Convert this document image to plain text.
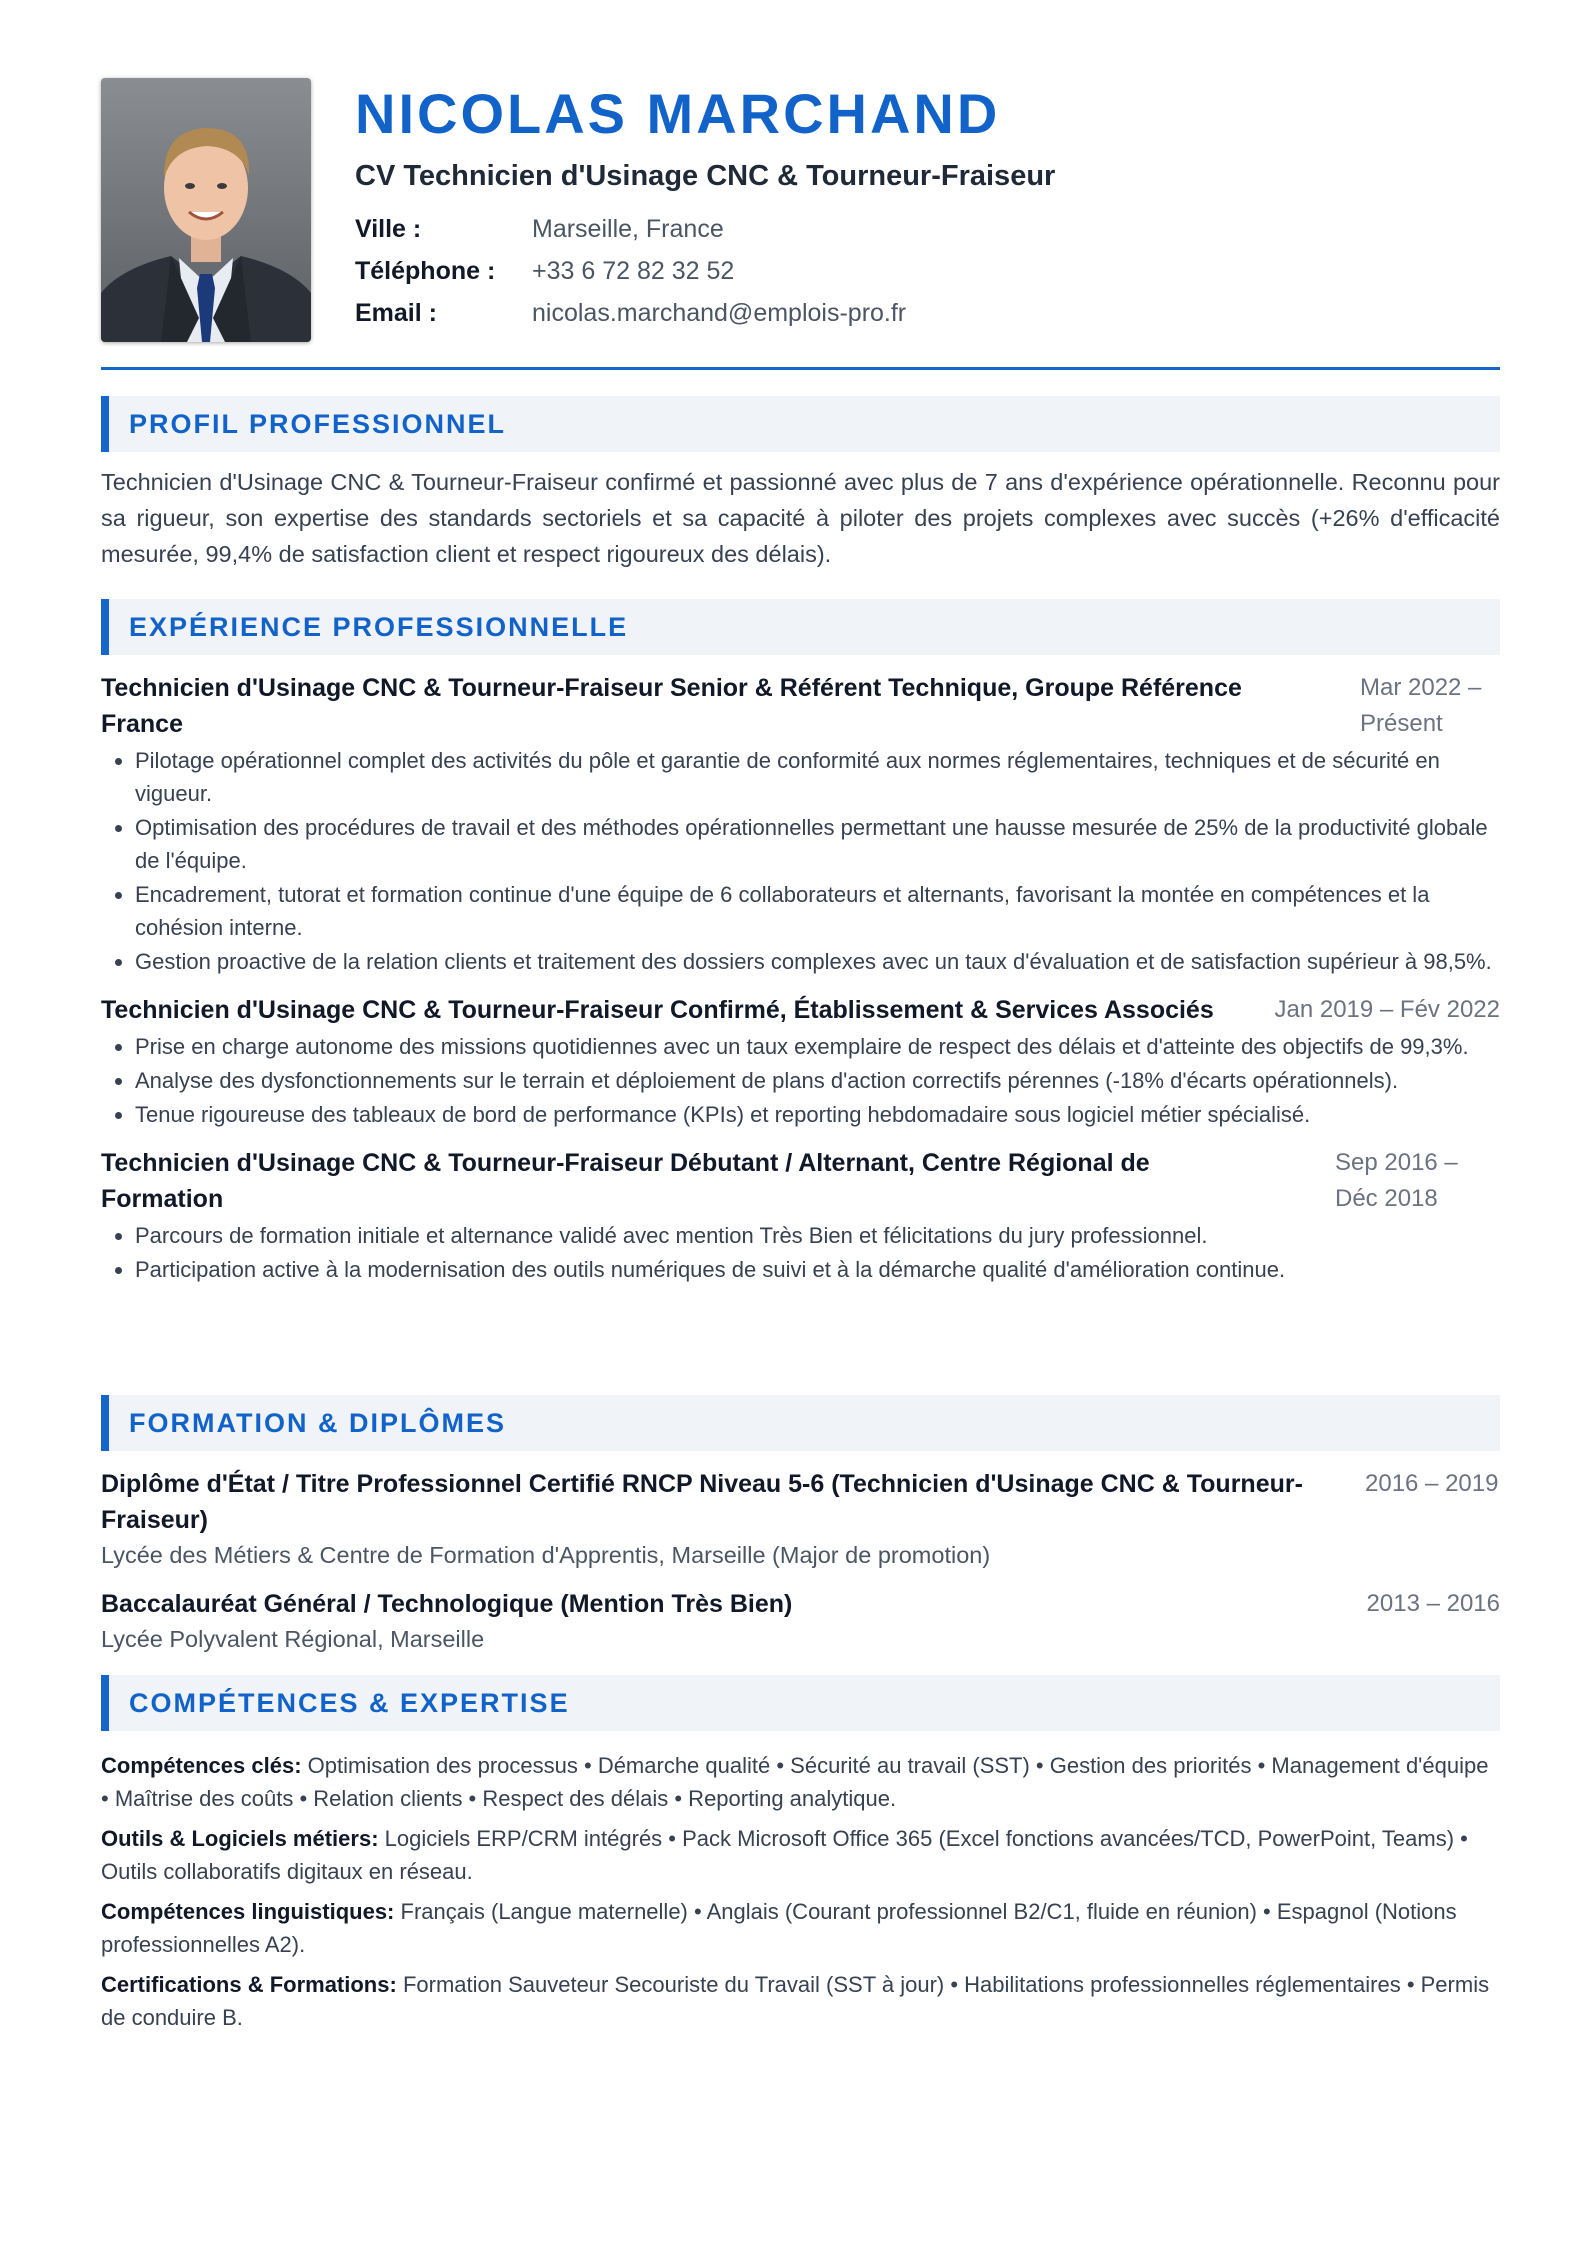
NICOLAS MARCHAND
CV Technicien d'Usinage CNC & Tourneur-Fraiseur
Ville :	Marseille, France
Téléphone :	+33 6 72 82 32 52
Email :	nicolas.marchand@emplois-pro.fr
PROFIL PROFESSIONNEL
Technicien d'Usinage CNC & Tourneur-Fraiseur confirmé et passionné avec plus de 7 ans d'expérience opérationnelle. Reconnu pour sa rigueur, son expertise des standards sectoriels et sa capacité à piloter des projets complexes avec succès (+26% d'efficacité mesurée, 99,4% de satisfaction client et respect rigoureux des délais).
EXPÉRIENCE PROFESSIONNELLE
Technicien d'Usinage CNC & Tourneur-Fraiseur Senior & Référent Technique, Groupe Référence France
Mar 2022 – Présent
• Pilotage opérationnel complet des activités du pôle et garantie de conformité aux normes réglementaires, techniques et de sécurité en vigueur.
• Optimisation des procédures de travail et des méthodes opérationnelles permettant une hausse mesurée de 25% de la productivité globale de l'équipe.
• Encadrement, tutorat et formation continue d'une équipe de 6 collaborateurs et alternants, favorisant la montée en compétences et la cohésion interne.
• Gestion proactive de la relation clients et traitement des dossiers complexes avec un taux d'évaluation et de satisfaction supérieur à 98,5%.
Technicien d'Usinage CNC & Tourneur-Fraiseur Confirmé, Établissement & Services Associés	Jan 2019 – Fév 2022
• Prise en charge autonome des missions quotidiennes avec un taux exemplaire de respect des délais et d'atteinte des objectifs de 99,3%.
• Analyse des dysfonctionnements sur le terrain et déploiement de plans d'action correctifs pérennes (-18% d'écarts opérationnels).
• Tenue rigoureuse des tableaux de bord de performance (KPIs) et reporting hebdomadaire sous logiciel métier spécialisé.
Technicien d'Usinage CNC & Tourneur-Fraiseur Débutant / Alternant, Centre Régional de Formation
Sep 2016 – Déc 2018
• Parcours de formation initiale et alternance validé avec mention Très Bien et félicitations du jury professionnel.
• Participation active à la modernisation des outils numériques de suivi et à la démarche qualité d'amélioration continue.
FORMATION & DIPLÔMES
Diplôme d'État / Titre Professionnel Certifié RNCP Niveau 5-6 (Technicien d'Usinage CNC & Tourneur-Fraiseur)
2016 – 2019
Lycée des Métiers & Centre de Formation d'Apprentis, Marseille (Major de promotion)
Baccalauréat Général / Technologique (Mention Très Bien)	2013 – 2016
Lycée Polyvalent Régional, Marseille
COMPÉTENCES & EXPERTISE
Compétences clés: Optimisation des processus • Démarche qualité • Sécurité au travail (SST) • Gestion des priorités • Management d'équipe • Maîtrise des coûts • Relation clients • Respect des délais • Reporting analytique.
Outils & Logiciels métiers: Logiciels ERP/CRM intégrés • Pack Microsoft Office 365 (Excel fonctions avancées/TCD, PowerPoint, Teams) • Outils collaboratifs digitaux en réseau.
Compétences linguistiques: Français (Langue maternelle) • Anglais (Courant professionnel B2/C1, fluide en réunion) • Espagnol (Notions professionnelles A2).
Certifications & Formations: Formation Sauveteur Secouriste du Travail (SST à jour) • Habilitations professionnelles réglementaires • Permis de conduire B.
